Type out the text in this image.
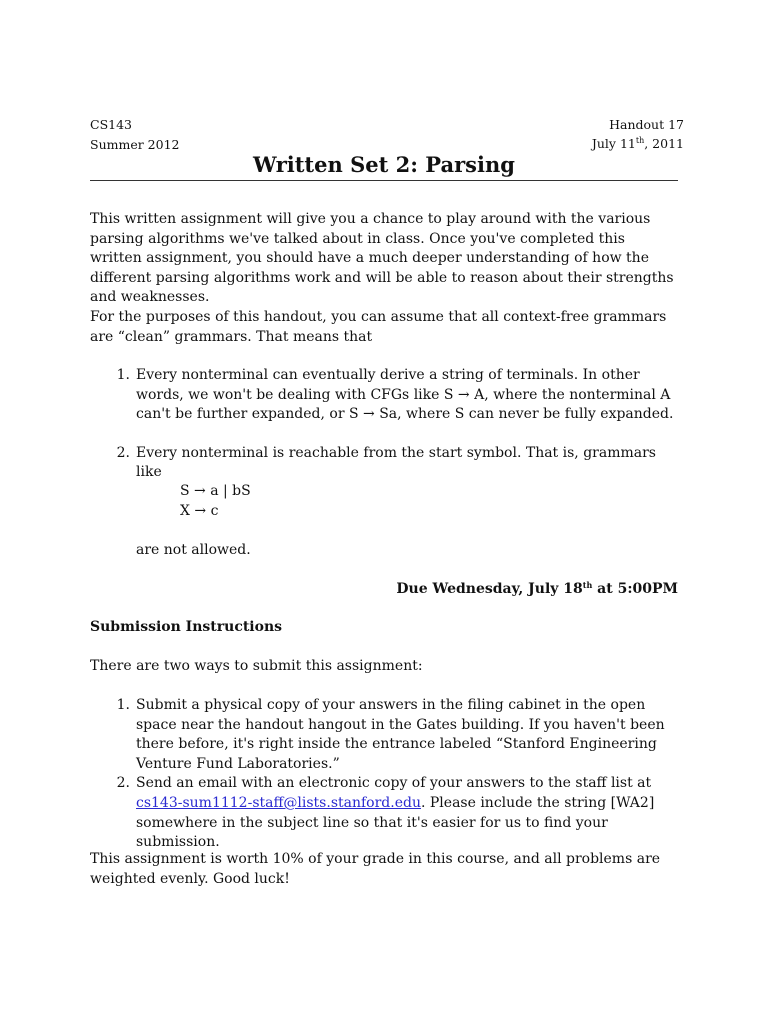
CS143
Summer 2012
Handout 17
July 11th, 2011
Written Set 2: Parsing
This written assignment will give you a chance to play around with the various parsing algorithms we've talked about in class. Once you've completed this written assignment, you should have a much deeper understanding of how the different parsing algorithms work and will be able to reason about their strengths and weaknesses.
For the purposes of this handout, you can assume that all context-free grammars are “clean” grammars. That means that
1. Every nonterminal can eventually derive a string of terminals. In other words, we won't be dealing with CFGs like S → A, where the nonterminal A can't be further expanded, or S → Sa, where S can never be fully expanded.
2. Every nonterminal is reachable from the start symbol. That is, grammars like
S → a | bS
X → c
are not allowed.
Due Wednesday, July 18th at 5:00PM
Submission Instructions
There are two ways to submit this assignment:
1. Submit a physical copy of your answers in the filing cabinet in the open space near the handout hangout in the Gates building. If you haven't been there before, it's right inside the entrance labeled “Stanford Engineering Venture Fund Laboratories.”
2. Send an email with an electronic copy of your answers to the staff list at cs143-sum1112-staff@lists.stanford.edu. Please include the string [WA2] somewhere in the subject line so that it's easier for us to find your submission.
This assignment is worth 10% of your grade in this course, and all problems are weighted evenly. Good luck!
